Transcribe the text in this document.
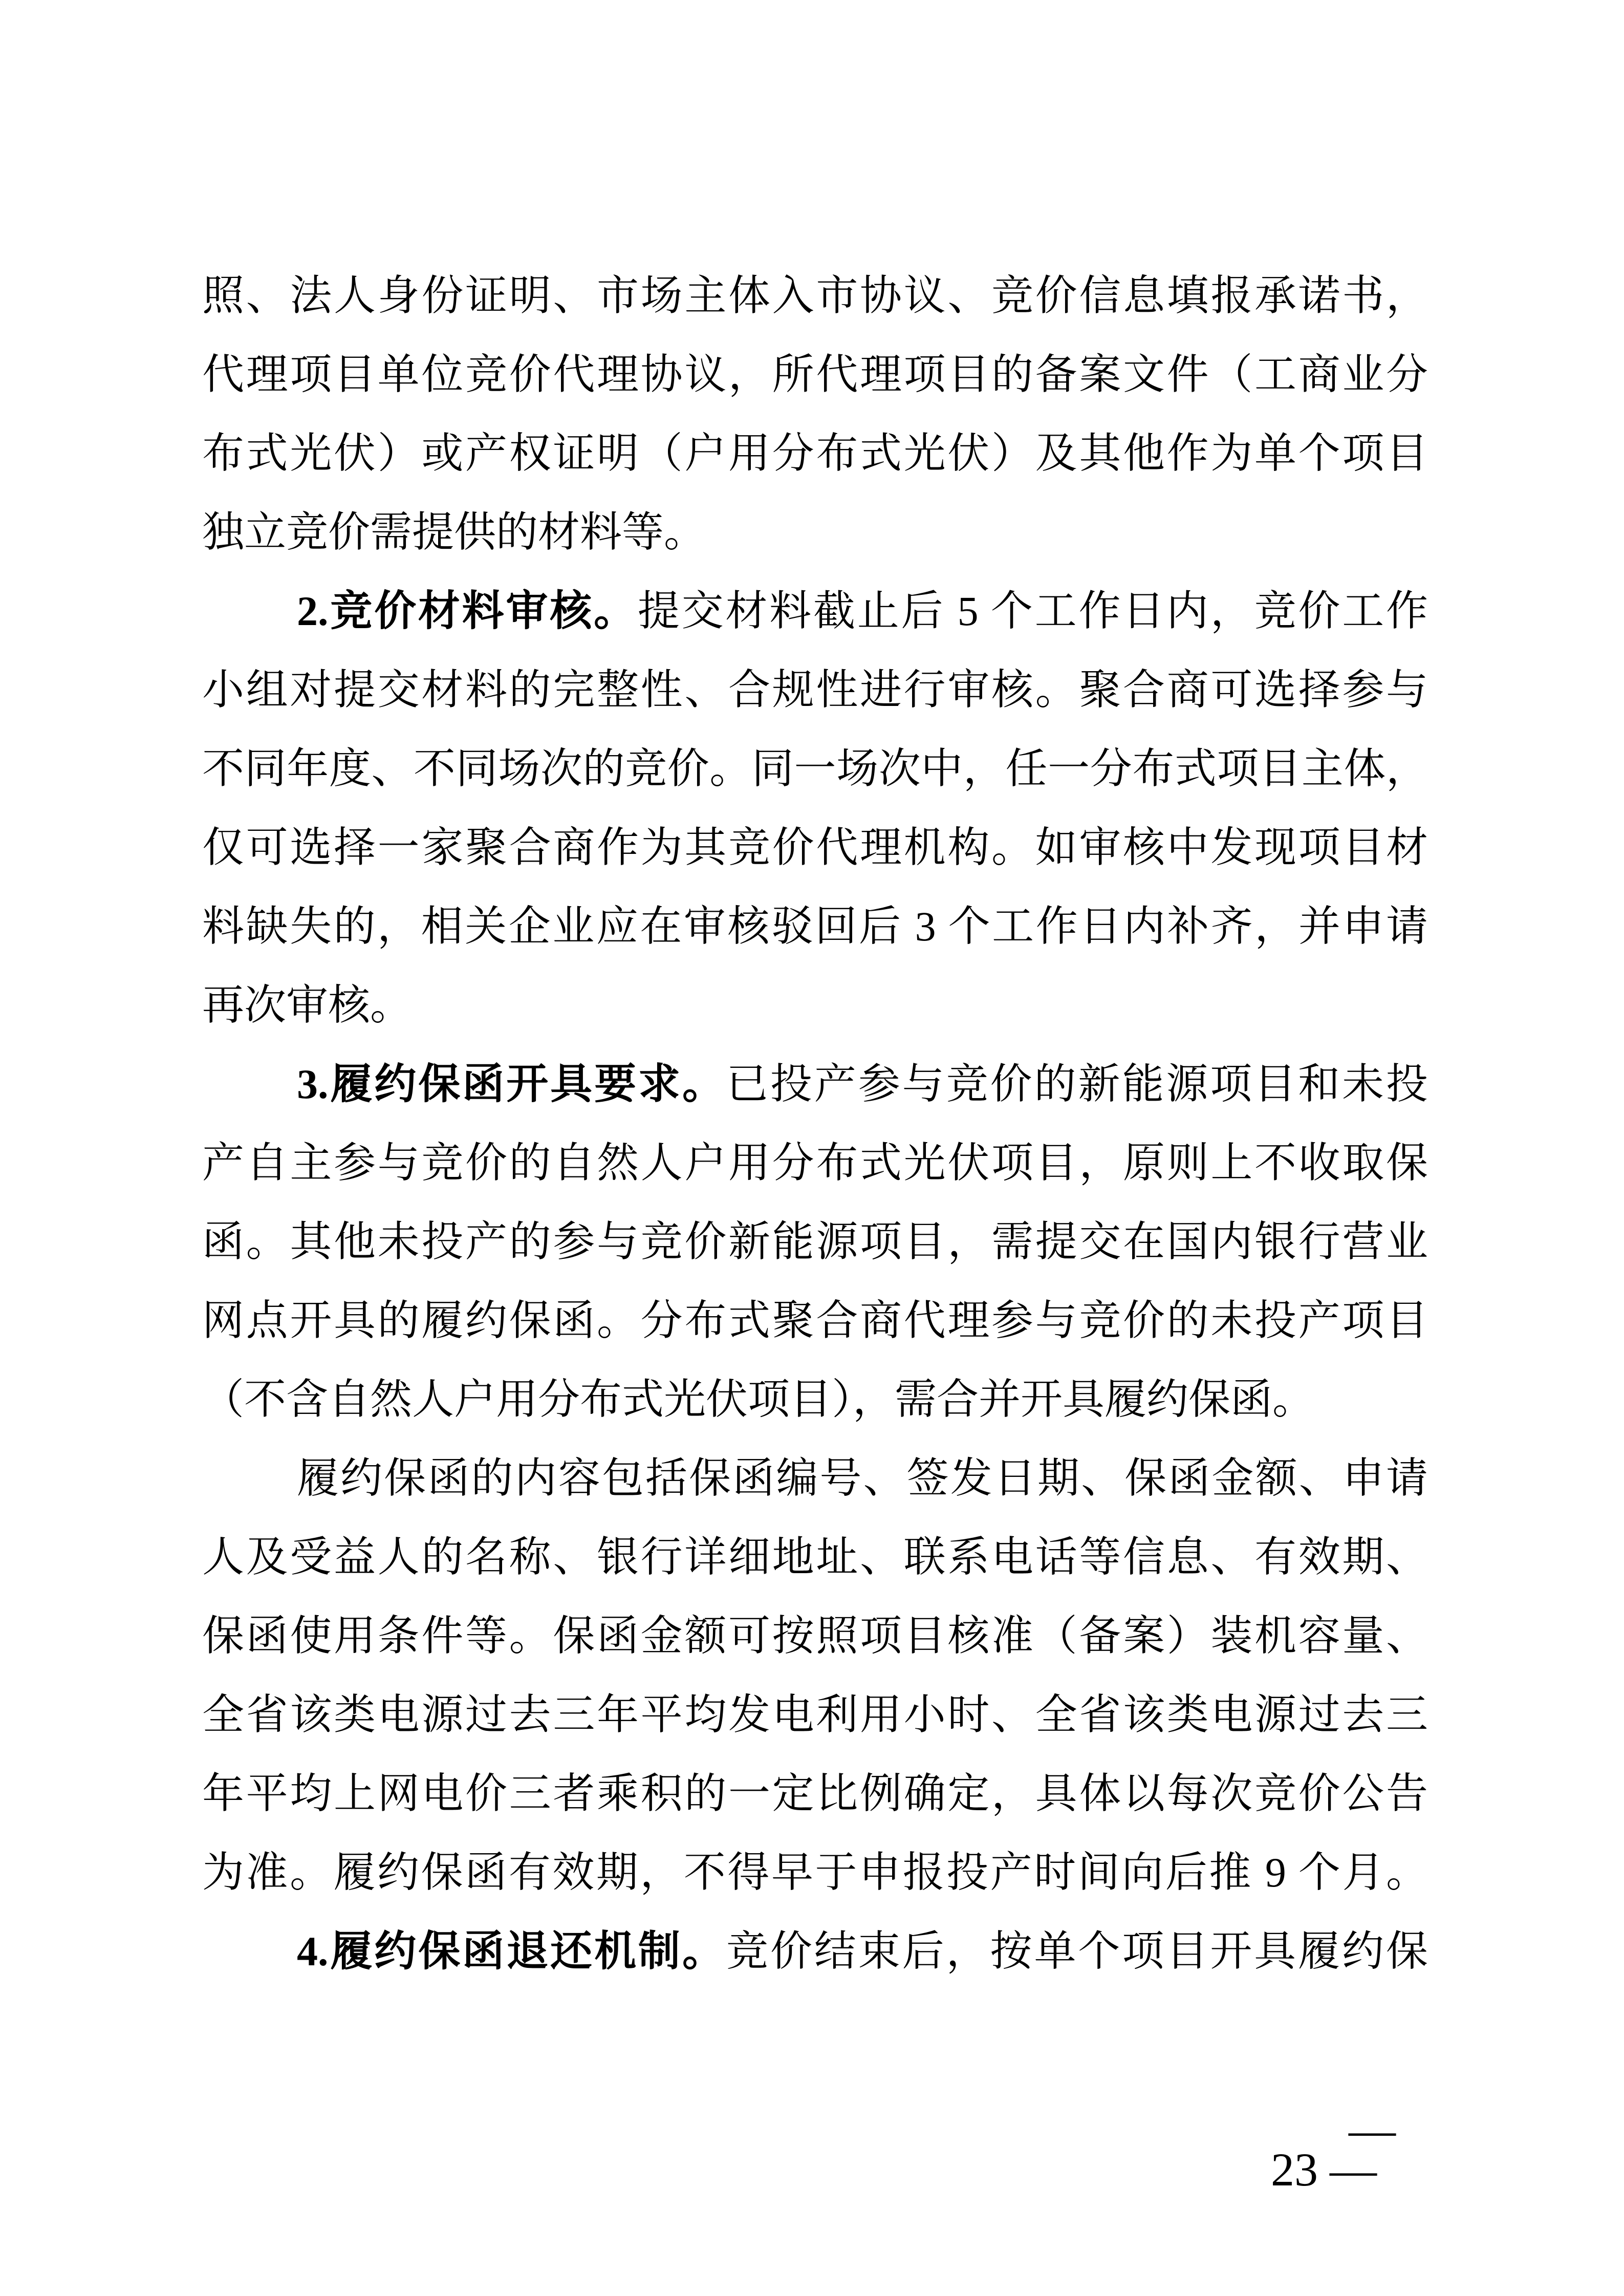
照、法人身份证明、市场主体入市协议、竞价信息填报承诺书，
代理项目单位竞价代理协议，所代理项目的备案文件（工商业分
布式光伏）或产权证明（户用分布式光伏）及其他作为单个项目
独立竞价需提供的材料等。
2.竞价材料审核。提交材料截止后 5 个工作日内，竞价工作
小组对提交材料的完整性、合规性进行审核。聚合商可选择参与
不同年度、不同场次的竞价。同一场次中，任一分布式项目主体，
仅可选择一家聚合商作为其竞价代理机构。如审核中发现项目材
料缺失的，相关企业应在审核驳回后 3 个工作日内补齐，并申请
再次审核。
3.履约保函开具要求。已投产参与竞价的新能源项目和未投
产自主参与竞价的自然人户用分布式光伏项目，原则上不收取保
函。其他未投产的参与竞价新能源项目，需提交在国内银行营业
网点开具的履约保函。分布式聚合商代理参与竞价的未投产项目
（不含自然人户用分布式光伏项目），需合并开具履约保函。
履约保函的内容包括保函编号、签发日期、保函金额、申请
人及受益人的名称、银行详细地址、联系电话等信息、有效期、
保函使用条件等。保函金额可按照项目核准（备案）装机容量、
全省该类电源过去三年平均发电利用小时、全省该类电源过去三
年平均上网电价三者乘积的一定比例确定，具体以每次竞价公告
为准。履约保函有效期，不得早于申报投产时间向后推 9 个月。
4.履约保函退还机制。竞价结束后，按单个项目开具履约保
—
23 —
